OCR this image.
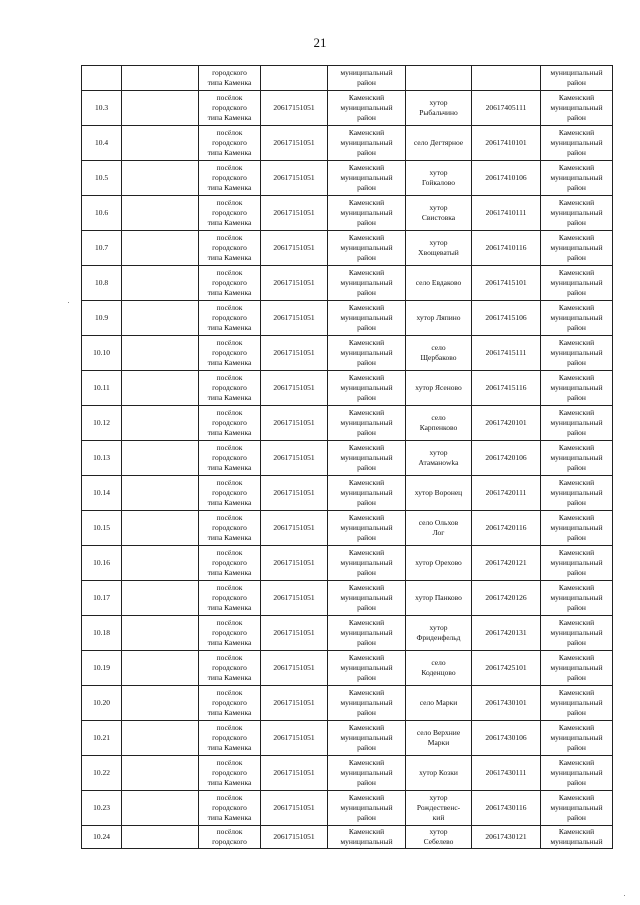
21

		городского
типа Каменка		муниципальный
район			муниципальный
район

10.3		посёлок
городского
типа Каменка	20617151051	Каменский
муниципальный
район	хутор
Рыбальчино	20617405111	Каменский
муниципальный
район

10.4		посёлок
городского
типа Каменка	20617151051	Каменский
муниципальный
район	село Дегтярное	20617410101	Каменский
муниципальный
район

10.5		посёлок
городского
типа Каменка	20617151051	Каменский
муниципальный
район	хутор
Гойкалово	20617410106	Каменский
муниципальный
район

10.6		посёлок
городского
типа Каменка	20617151051	Каменский
муниципальный
район	хутор
Свистовка	20617410111	Каменский
муниципальный
район

10.7		посёлок
городского
типа Каменка	20617151051	Каменский
муниципальный
район	хутор
Хвощеватый	20617410116	Каменский
муниципальный
район

10.8		посёлок
городского
типа Каменка	20617151051	Каменский
муниципальный
район	село Евдаково	20617415101	Каменский
муниципальный
район

10.9		посёлок
городского
типа Каменка	20617151051	Каменский
муниципальный
район	хутор Ляпино	20617415106	Каменский
муниципальный
район

10.10		посёлок
городского
типа Каменка	20617151051	Каменский
муниципальный
район	село
Щербаково	20617415111	Каменский
муниципальный
район

10.11		посёлок
городского
типа Каменка	20617151051	Каменский
муниципальный
район	хутор Ясеново	20617415116	Каменский
муниципальный
район

10.12		посёлок
городского
типа Каменка	20617151051	Каменский
муниципальный
район	село
Карпенково	20617420101	Каменский
муниципальный
район

10.13		посёлок
городского
типа Каменка	20617151051	Каменский
муниципальный
район	хутор
Атаманowka	20617420106	Каменский
муниципальный
район

10.14		посёлок
городского
типа Каменка	20617151051	Каменский
муниципальный
район	хутор Воронец	20617420111	Каменский
муниципальный
район

10.15		посёлок
городского
типа Каменка	20617151051	Каменский
муниципальный
район	село Ольхов
Лог	20617420116	Каменский
муниципальный
район

10.16		посёлок
городского
типа Каменка	20617151051	Каменский
муниципальный
район	хутор Орехово	20617420121	Каменский
муниципальный
район

10.17		посёлок
городского
типа Каменка	20617151051	Каменский
муниципальный
район	хутор Панково	20617420126	Каменский
муниципальный
район

10.18		посёлок
городского
типа Каменка	20617151051	Каменский
муниципальный
район	хутор
Фриденфельд	20617420131	Каменский
муниципальный
район

10.19		посёлок
городского
типа Каменка	20617151051	Каменский
муниципальный
район	село
Коденцово	20617425101	Каменский
муниципальный
район

10.20		посёлок
городского
типа Каменка	20617151051	Каменский
муниципальный
район	село Марки	20617430101	Каменский
муниципальный
район

10.21		посёлок
городского
типа Каменка	20617151051	Каменский
муниципальный
район	село Верхние
Марки	20617430106	Каменский
муниципальный
район

10.22		посёлок
городского
типа Каменка	20617151051	Каменский
муниципальный
район	хутор Козки	20617430111	Каменский
муниципальный
район

10.23		посёлок
городского
типа Каменка	20617151051	Каменский
муниципальный
район	хутор
Рождественс-
кий	20617430116	Каменский
муниципальный
район

10.24		посёлок
городского	20617151051	Каменский
муниципальный	хутор
Себелево	20617430121	Каменский
муниципальный
